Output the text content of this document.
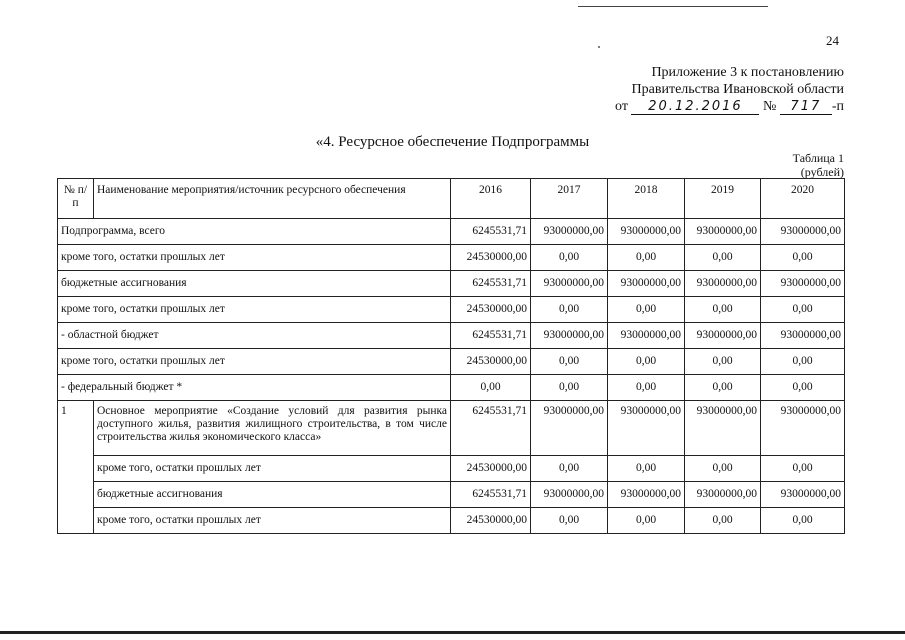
24
Приложение 3 к постановлению
Правительства Ивановской области
от 20.12.2016 № 717 -п
«4. Ресурсное обеспечение Подпрограммы
Таблица 1
(рублей)
№ п/п	Наименование мероприятия/источник ресурсного обеспечения	2016	2017	2018	2019	2020
Подпрограмма, всего		6245531,71	93000000,00	93000000,00	93000000,00	93000000,00
кроме того, остатки прошлых лет		24530000,00	0,00	0,00	0,00	0,00
бюджетные ассигнования		6245531,71	93000000,00	93000000,00	93000000,00	93000000,00
кроме того, остатки прошлых лет		24530000,00	0,00	0,00	0,00	0,00
- областной бюджет		6245531,71	93000000,00	93000000,00	93000000,00	93000000,00
кроме того, остатки прошлых лет		24530000,00	0,00	0,00	0,00	0,00
- федеральный бюджет *		0,00	0,00	0,00	0,00	0,00
1	Основное мероприятие «Создание условий для развития рынка доступного жилья, развития жилищного строительства, в том числе строительства жилья экономического класса»	6245531,71	93000000,00	93000000,00	93000000,00	93000000,00
	кроме того, остатки прошлых лет	24530000,00	0,00	0,00	0,00	0,00
	бюджетные ассигнования	6245531,71	93000000,00	93000000,00	93000000,00	93000000,00
	кроме того, остатки прошлых лет	24530000,00	0,00	0,00	0,00	0,00
